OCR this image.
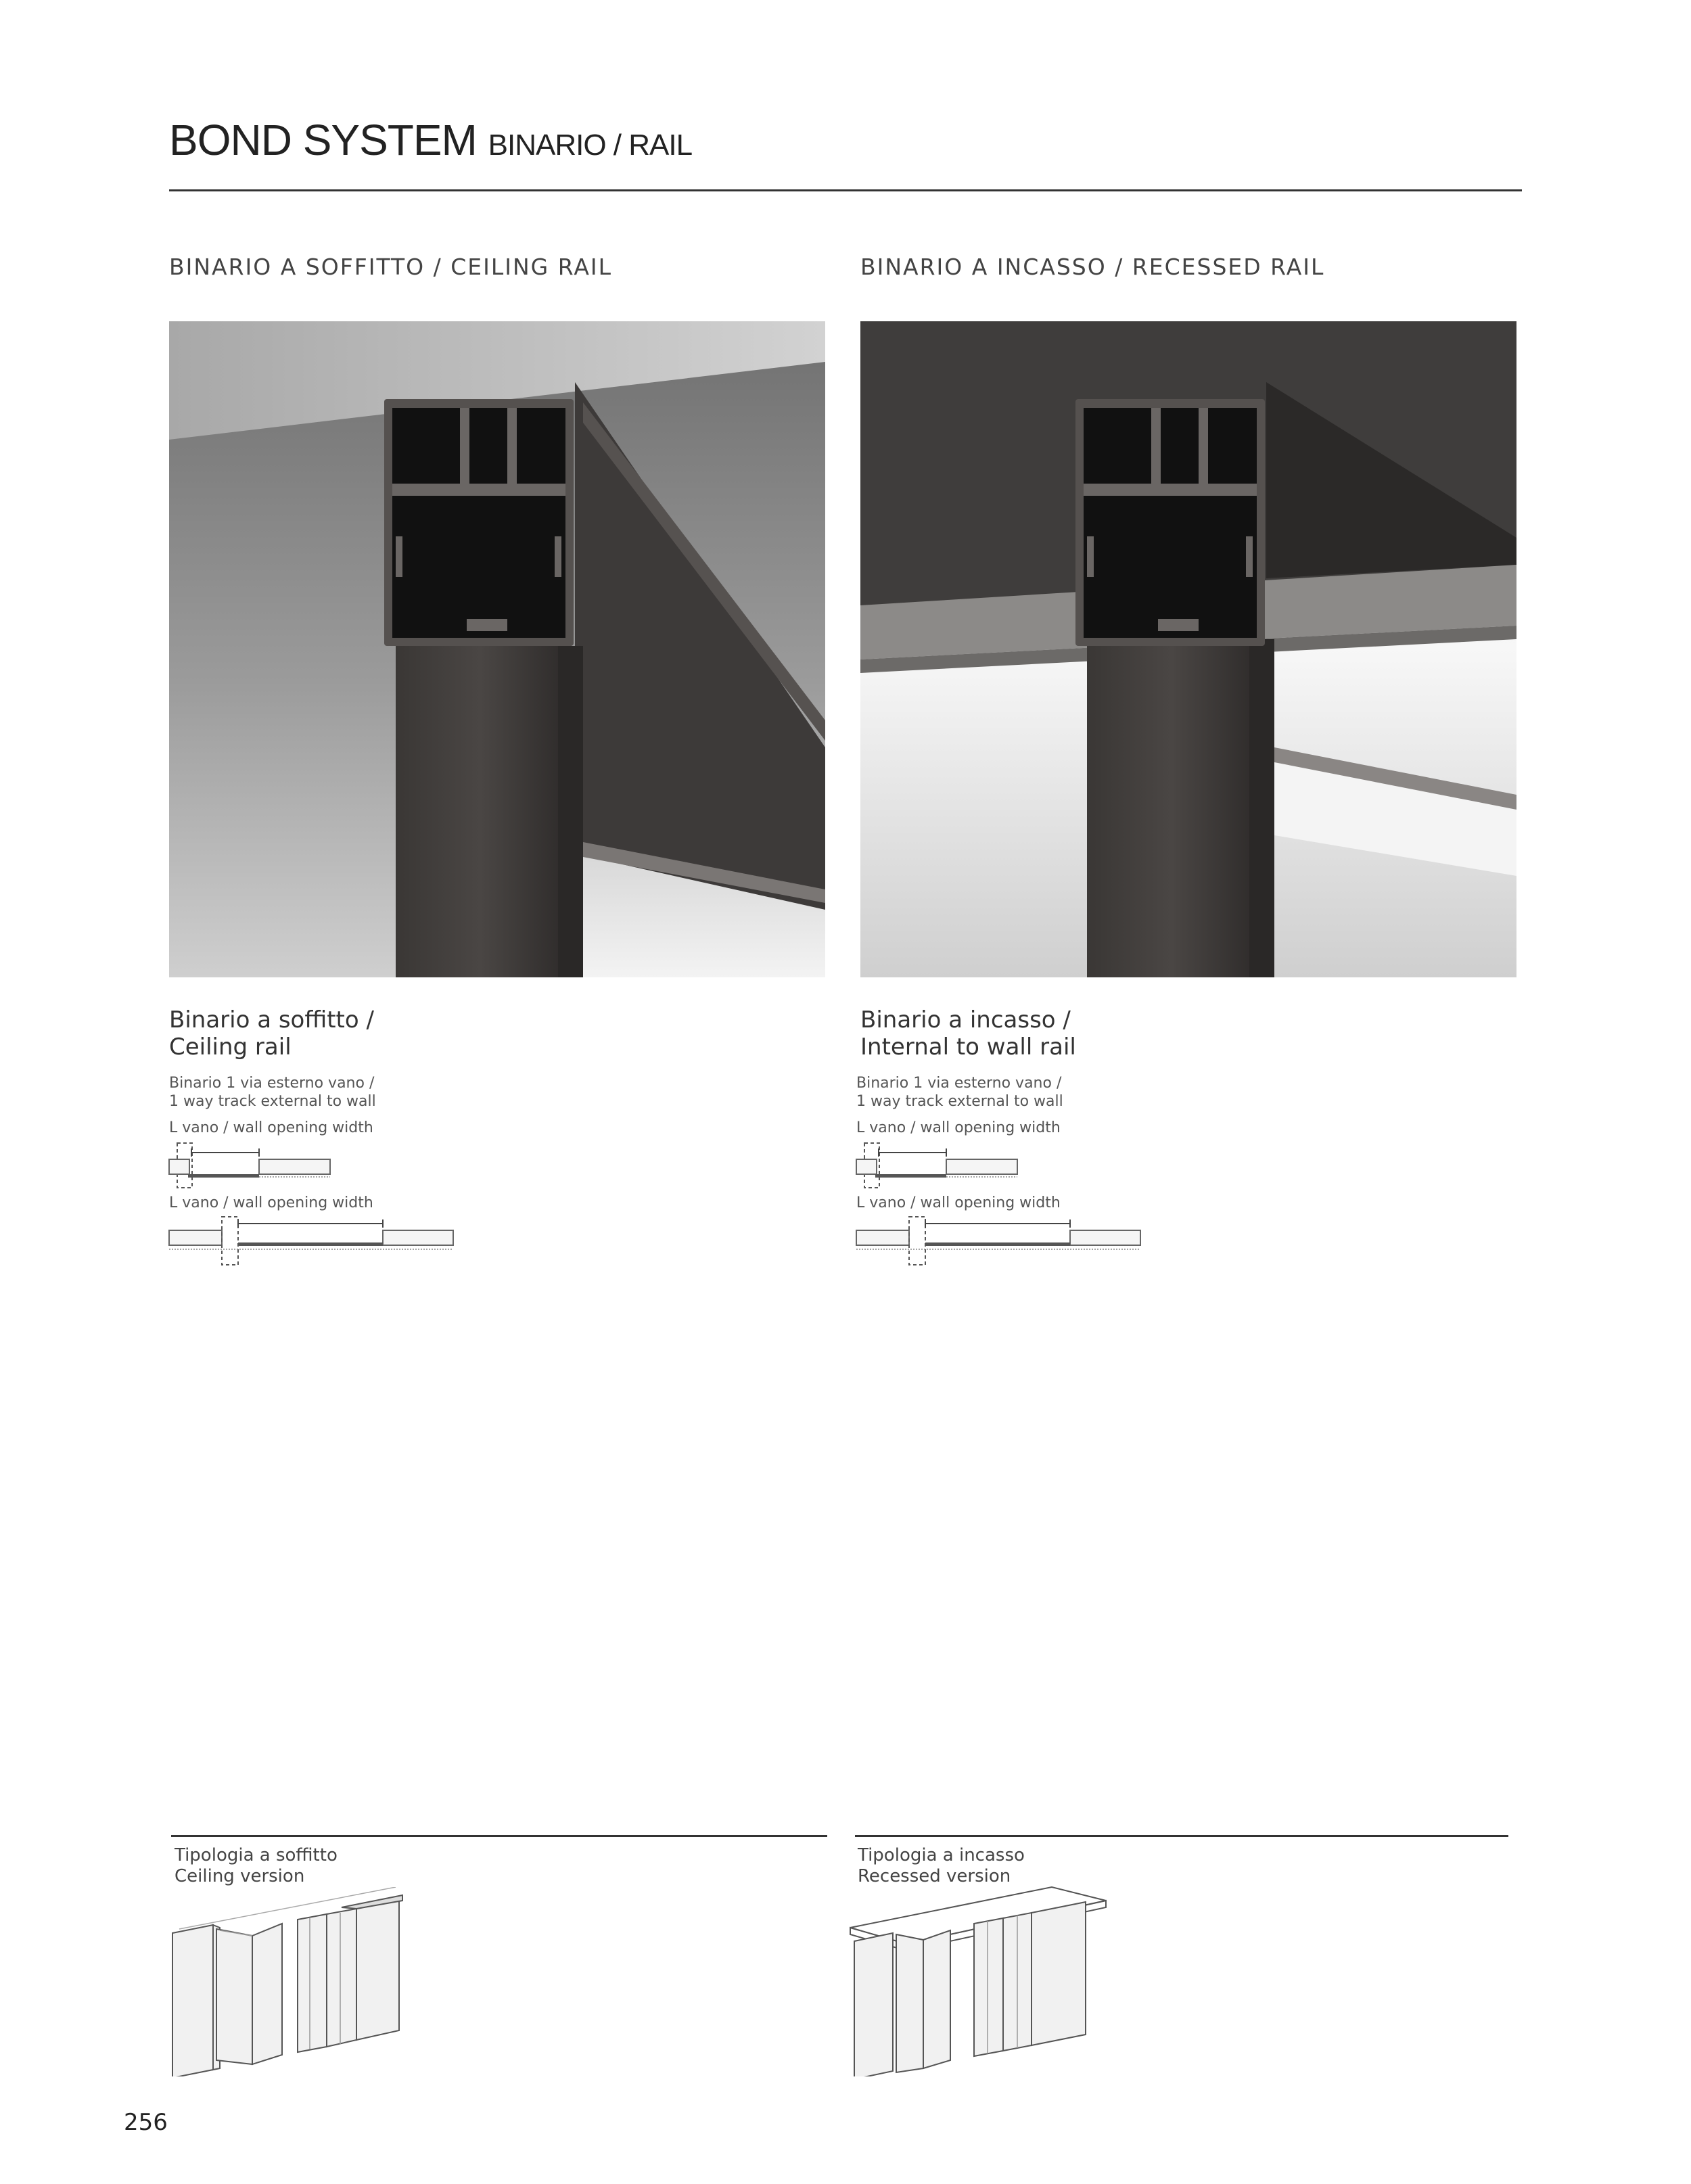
BOND SYSTEM BINARIO / RAIL
BINARIO A SOFFITTO / CEILING RAIL	BINARIO A INCASSO / RECESSED RAIL
Binario a soffitto /
Ceiling rail
Binario 1 via esterno vano /
1 way track external to wall
L vano / wall opening width
L vano / wall opening width
Binario a incasso /
Internal to wall rail
Binario 1 via esterno vano /
1 way track external to wall
L vano / wall opening width
L vano / wall opening width
Tipologia a soffitto
Ceiling version
Tipologia a incasso
Recessed version
256
